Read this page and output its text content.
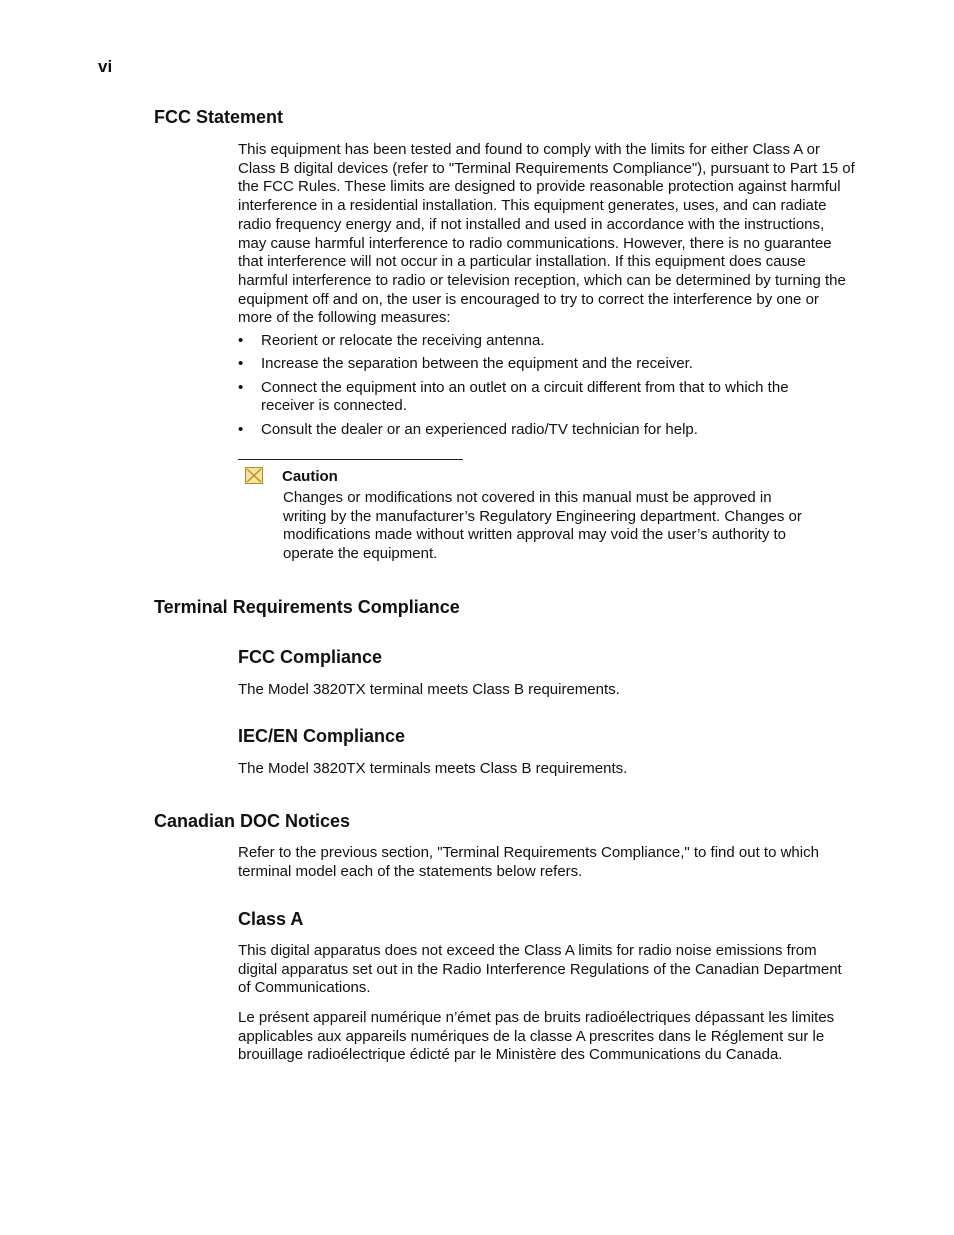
vi
FCC Statement

This equipment has been tested and found to comply with the limits for either Class A or Class B digital devices (refer to "Terminal Requirements Compliance"), pursuant to Part 15 of the FCC Rules. These limits are designed to provide reasonable protection against harmful interference in a residential installation. This equipment generates, uses, and can radiate radio frequency energy and, if not installed and used in accordance with the instructions, may cause harmful interference to radio communications. However, there is no guarantee that interference will not occur in a particular installation. If this equipment does cause harmful interference to radio or television reception, which can be determined by turning the equipment off and on, the user is encouraged to try to correct the interference by one or more of the following measures:

• Reorient or relocate the receiving antenna.
• Increase the separation between the equipment and the receiver.
• Connect the equipment into an outlet on a circuit different from that to which the receiver is connected.
• Consult the dealer or an experienced radio/TV technician for help.
Caution

Changes or modifications not covered in this manual must be approved in writing by the manufacturer’s Regulatory Engineering department. Changes or modifications made without written approval may void the user’s authority to operate the equipment.

Terminal Requirements Compliance
FCC Compliance

The Model 3820TX terminal meets Class B requirements.

IEC/EN Compliance

The Model 3820TX terminals meets Class B requirements.

Canadian DOC Notices

Refer to the previous section, "Terminal Requirements Compliance," to find out to which terminal model each of the statements below refers.

Class A

This digital apparatus does not exceed the Class A limits for radio noise emissions from digital apparatus set out in the Radio Interference Regulations of the Canadian Department of Communications.

Le présent appareil numérique n’émet pas de bruits radioélectriques dépassant les limites applicables aux appareils numériques de la classe A prescrites dans le Réglement sur le brouillage radioélectrique édicté par le Ministère des Communications du Canada.
